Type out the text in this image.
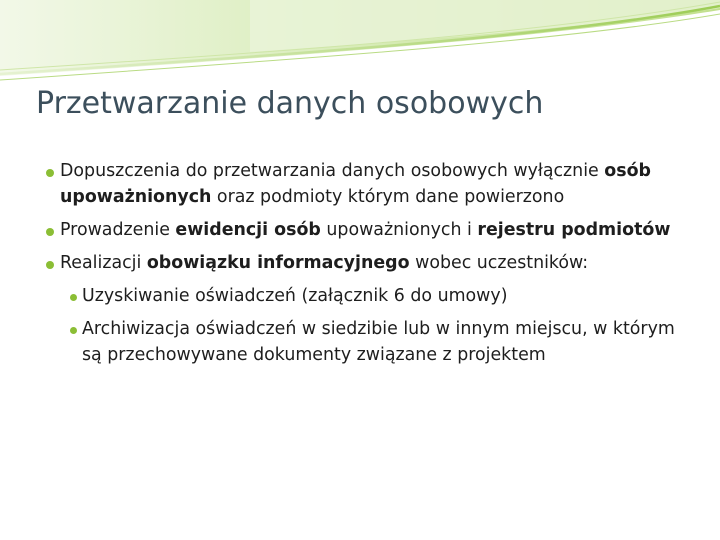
Przetwarzanie danych osobowych
Dopuszczenia do przetwarzania danych osobowych wyłącznie osób upoważnionych oraz podmioty którym dane powierzono
Prowadzenie ewidencji osób upoważnionych i rejestru podmiotów
Realizacji obowiązku informacyjnego wobec uczestników:
Uzyskiwanie oświadczeń (załącznik 6 do umowy)
Archiwizacja oświadczeń w siedzibie lub w innym miejscu, w którym są przechowywane dokumenty związane z projektem
